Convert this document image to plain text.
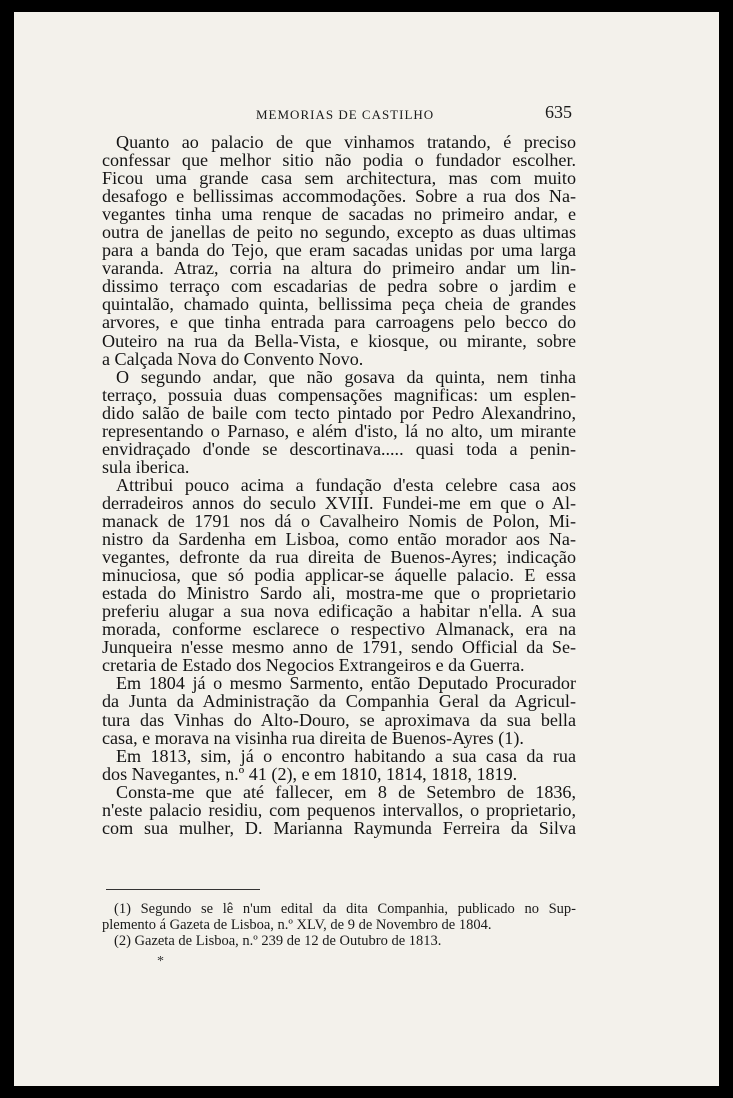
MEMORIAS DE CASTILHO	635
Quanto ao palacio de que vinhamos tratando, é preciso
confessar que melhor sitio não podia o fundador escolher.
Ficou uma grande casa sem architectura, mas com muito
desafogo e bellissimas accommodações. Sobre a rua dos Na-
vegantes tinha uma renque de sacadas no primeiro andar, e
outra de janellas de peito no segundo, excepto as duas ultimas
para a banda do Tejo, que eram sacadas unidas por uma larga
varanda. Atraz, corria na altura do primeiro andar um lin-
dissimo terraço com escadarias de pedra sobre o jardim e
quintalão, chamado quinta, bellissima peça cheia de grandes
arvores, e que tinha entrada para carroagens pelo becco do
Outeiro na rua da Bella-Vista, e kiosque, ou mirante, sobre
a Calçada Nova do Convento Novo.
O segundo andar, que não gosava da quinta, nem tinha
terraço, possuia duas compensações magnificas: um esplen-
dido salão de baile com tecto pintado por Pedro Alexandrino,
representando o Parnaso, e além d'isto, lá no alto, um mirante
envidraçado d'onde se descortinava..... quasi toda a penin-
sula iberica.
Attribui pouco acima a fundação d'esta celebre casa aos
derradeiros annos do seculo XVIII. Fundei-me em que o Al-
manack de 1791 nos dá o Cavalheiro Nomis de Polon, Mi-
nistro da Sardenha em Lisboa, como então morador aos Na-
vegantes, defronte da rua direita de Buenos-Ayres; indicação
minuciosa, que só podia applicar-se áquelle palacio. E essa
estada do Ministro Sardo ali, mostra-me que o proprietario
preferiu alugar a sua nova edificação a habitar n'ella. A sua
morada, conforme esclarece o respectivo Almanack, era na
Junqueira n'esse mesmo anno de 1791, sendo Official da Se-
cretaria de Estado dos Negocios Extrangeiros e da Guerra.
Em 1804 já o mesmo Sarmento, então Deputado Procurador
da Junta da Administração da Companhia Geral da Agricul-
tura das Vinhas do Alto-Douro, se aproximava da sua bella
casa, e morava na visinha rua direita de Buenos-Ayres (1).
Em 1813, sim, já o encontro habitando a sua casa da rua
dos Navegantes, n.º 41 (2), e em 1810, 1814, 1818, 1819.
Consta-me que até fallecer, em 8 de Setembro de 1836,
n'este palacio residiu, com pequenos intervallos, o proprietario,
com sua mulher, D. Marianna Raymunda Ferreira da Silva
(1) Segundo se lê n'um edital da dita Companhia, publicado no Sup-
plemento á Gazeta de Lisboa, n.º XLV, de 9 de Novembro de 1804.
(2) Gazeta de Lisboa, n.º 239 de 12 de Outubro de 1813.
*
